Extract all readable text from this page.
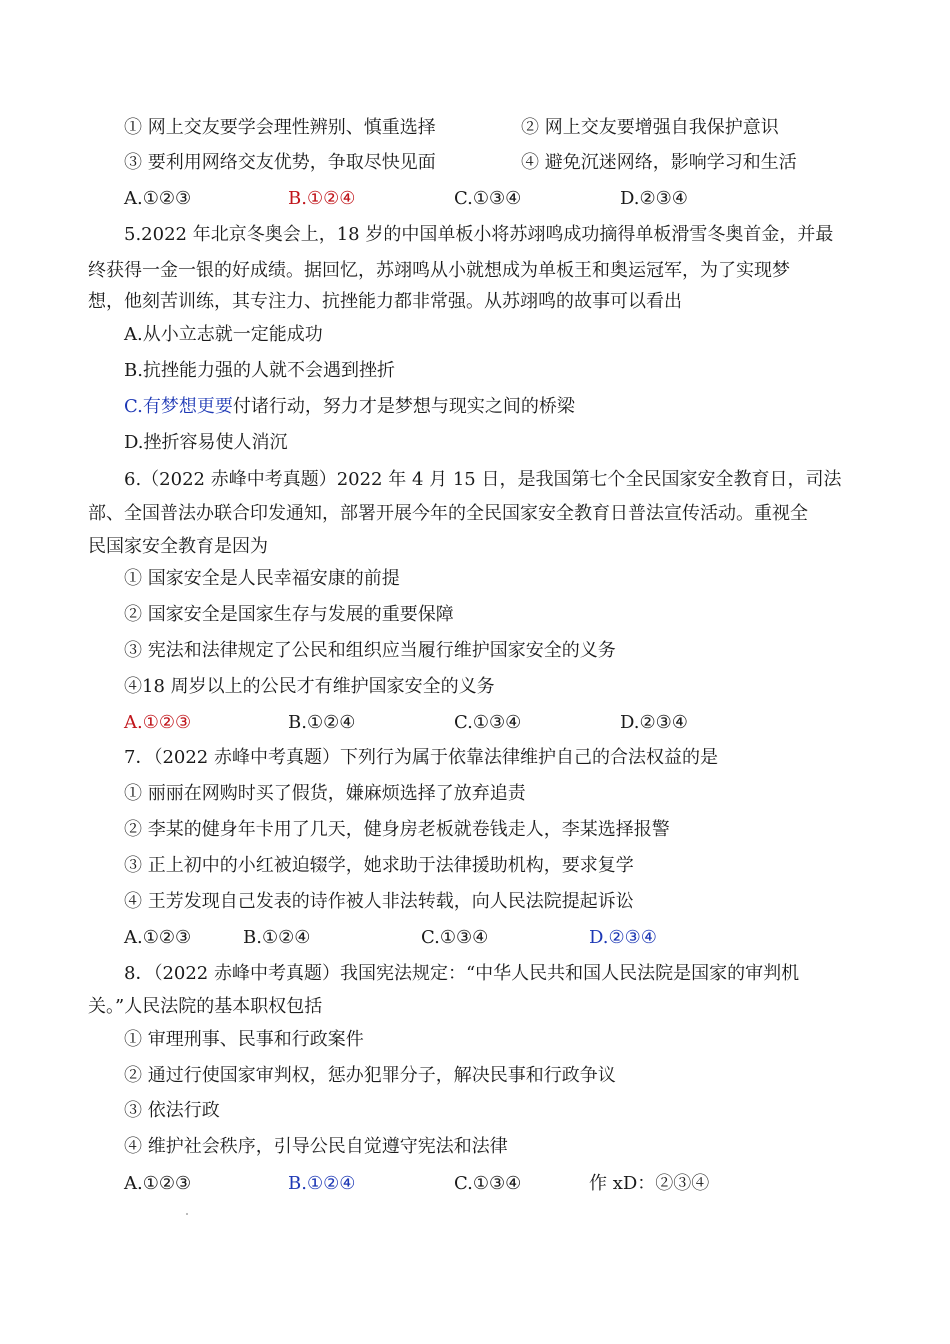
① 网上交友要学会理性辨别、慎重选择	② 网上交友要增强自我保护意识
③ 要利用网络交友优势，争取尽快见面	④ 避免沉迷网络，影响学习和生活
A.①②③	B.①②④	C.①③④	D.②③④
5.2022 年北京冬奥会上，18 岁的中国单板小将苏翊鸣成功摘得单板滑雪冬奥首金，并最
终获得一金一银的好成绩。据回忆，苏翊鸣从小就想成为单板王和奥运冠军，为了实现梦
想，他刻苦训练，其专注力、抗挫能力都非常强。从苏翊鸣的故事可以看出
A.从小立志就一定能成功
B.抗挫能力强的人就不会遇到挫折
C.有梦想更要付诸行动，努力才是梦想与现实之间的桥梁
D.挫折容易使人消沉
6.（2022 赤峰中考真题）2022 年 4 月 15 日，是我国第七个全民国家安全教育日，司法
部、全国普法办联合印发通知，部署开展今年的全民国家安全教育日普法宣传活动。重视全
民国家安全教育是因为
① 国家安全是人民幸福安康的前提
② 国家安全是国家生存与发展的重要保障
③ 宪法和法律规定了公民和组织应当履行维护国家安全的义务
④18 周岁以上的公民才有维护国家安全的义务
A.①②③	B.①②④	C.①③④	D.②③④
7．（2022 赤峰中考真题）下列行为属于依靠法律维护自己的合法权益的是
① 丽丽在网购时买了假货，嫌麻烦选择了放弃追责
② 李某的健身年卡用了几天，健身房老板就卷钱走人，李某选择报警
③ 正上初中的小红被迫辍学，她求助于法律援助机构，要求复学
④ 王芳发现自己发表的诗作被人非法转载，向人民法院提起诉讼
A.①②③	B.①②④	C.①③④	D.②③④
8．（2022 赤峰中考真题）我国宪法规定：“中华人民共和国人民法院是国家的审判机
关。”人民法院的基本职权包括
① 审理刑事、民事和行政案件
② 通过行使国家审判权，惩办犯罪分子，解决民事和行政争议
③ 依法行政
④ 维护社会秩序，引导公民自觉遵守宪法和法律
A.①②③	B.①②④	C.①③④	作 xD：②③④
